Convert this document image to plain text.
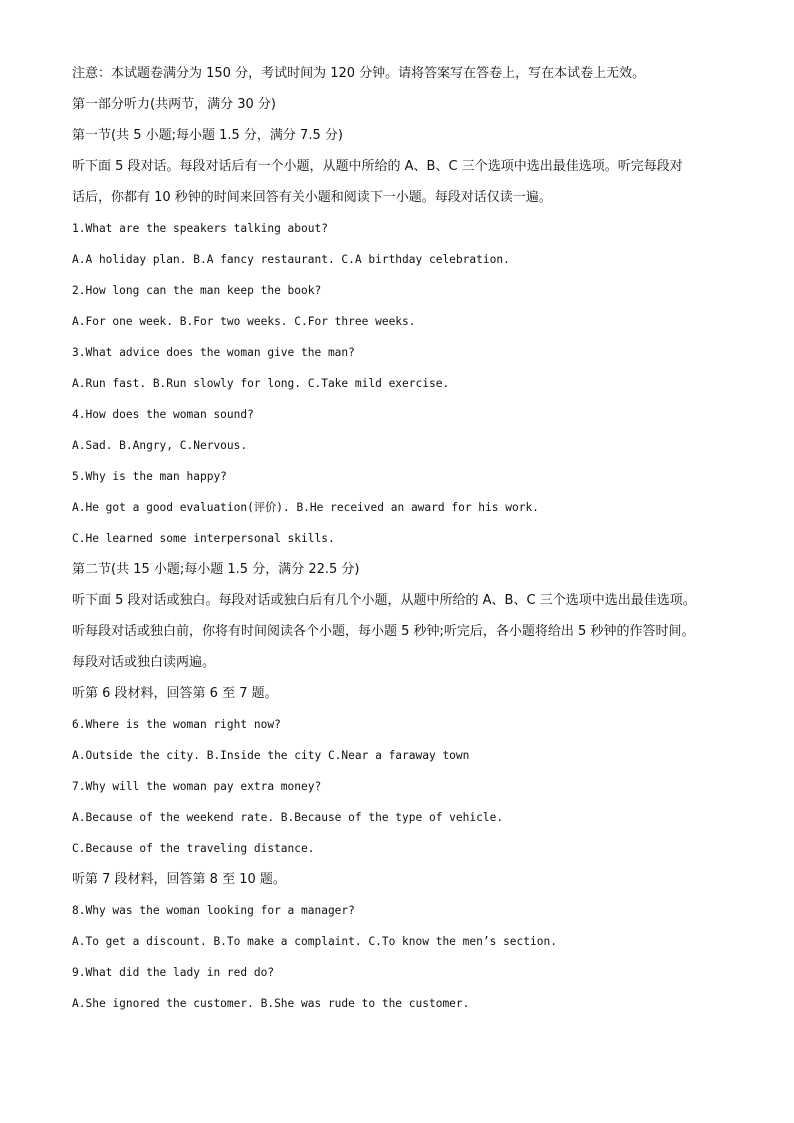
注意：本试题卷满分为 150 分，考试时间为 120 分钟。请将答案写在答卷上，写在本试卷上无效。
第一部分听力(共两节，满分 30 分)
第一节(共 5 小题;每小题 1.5 分，满分 7.5 分)
听下面 5 段对话。每段对话后有一个小题，从题中所给的 A、B、C 三个选项中选出最佳选项。听完每段对
话后，你都有 10 秒钟的时间来回答有关小题和阅读下一小题。每段对话仅读一遍。
1.What are the speakers talking about?
A.A holiday plan. B.A fancy restaurant. C.A birthday celebration.
2.How long can the man keep the book?
A.For one week. B.For two weeks. C.For three weeks.
3.What advice does the woman give the man?
A.Run fast. B.Run slowly for long. C.Take mild exercise.
4.How does the woman sound?
A.Sad. B.Angry, C.Nervous.
5.Why is the man happy?
A.He got a good evaluation(评价). B.He received an award for his work.
C.He learned some interpersonal skills.
第二节(共 15 小题;每小题 1.5 分，满分 22.5 分)
听下面 5 段对话或独白。每段对话或独白后有几个小题，从题中所给的 A、B、C 三个选项中选出最佳选项。
听每段对话或独白前，你将有时间阅读各个小题，每小题 5 秒钟;听完后，各小题将给出 5 秒钟的作答时间。
每段对话或独白读两遍。
听第 6 段材料，回答第 6 至 7 题。
6.Where is the woman right now?
A.Outside the city. B.Inside the city C.Near a faraway town
7.Why will the woman pay extra money?
A.Because of the weekend rate. B.Because of the type of vehicle.
C.Because of the traveling distance.
听第 7 段材料，回答第 8 至 10 题。
8.Why was the woman looking for a manager?
A.To get a discount. B.To make a complaint. C.To know the men’s section.
9.What did the lady in red do?
A.She ignored the customer. B.She was rude to the customer.
